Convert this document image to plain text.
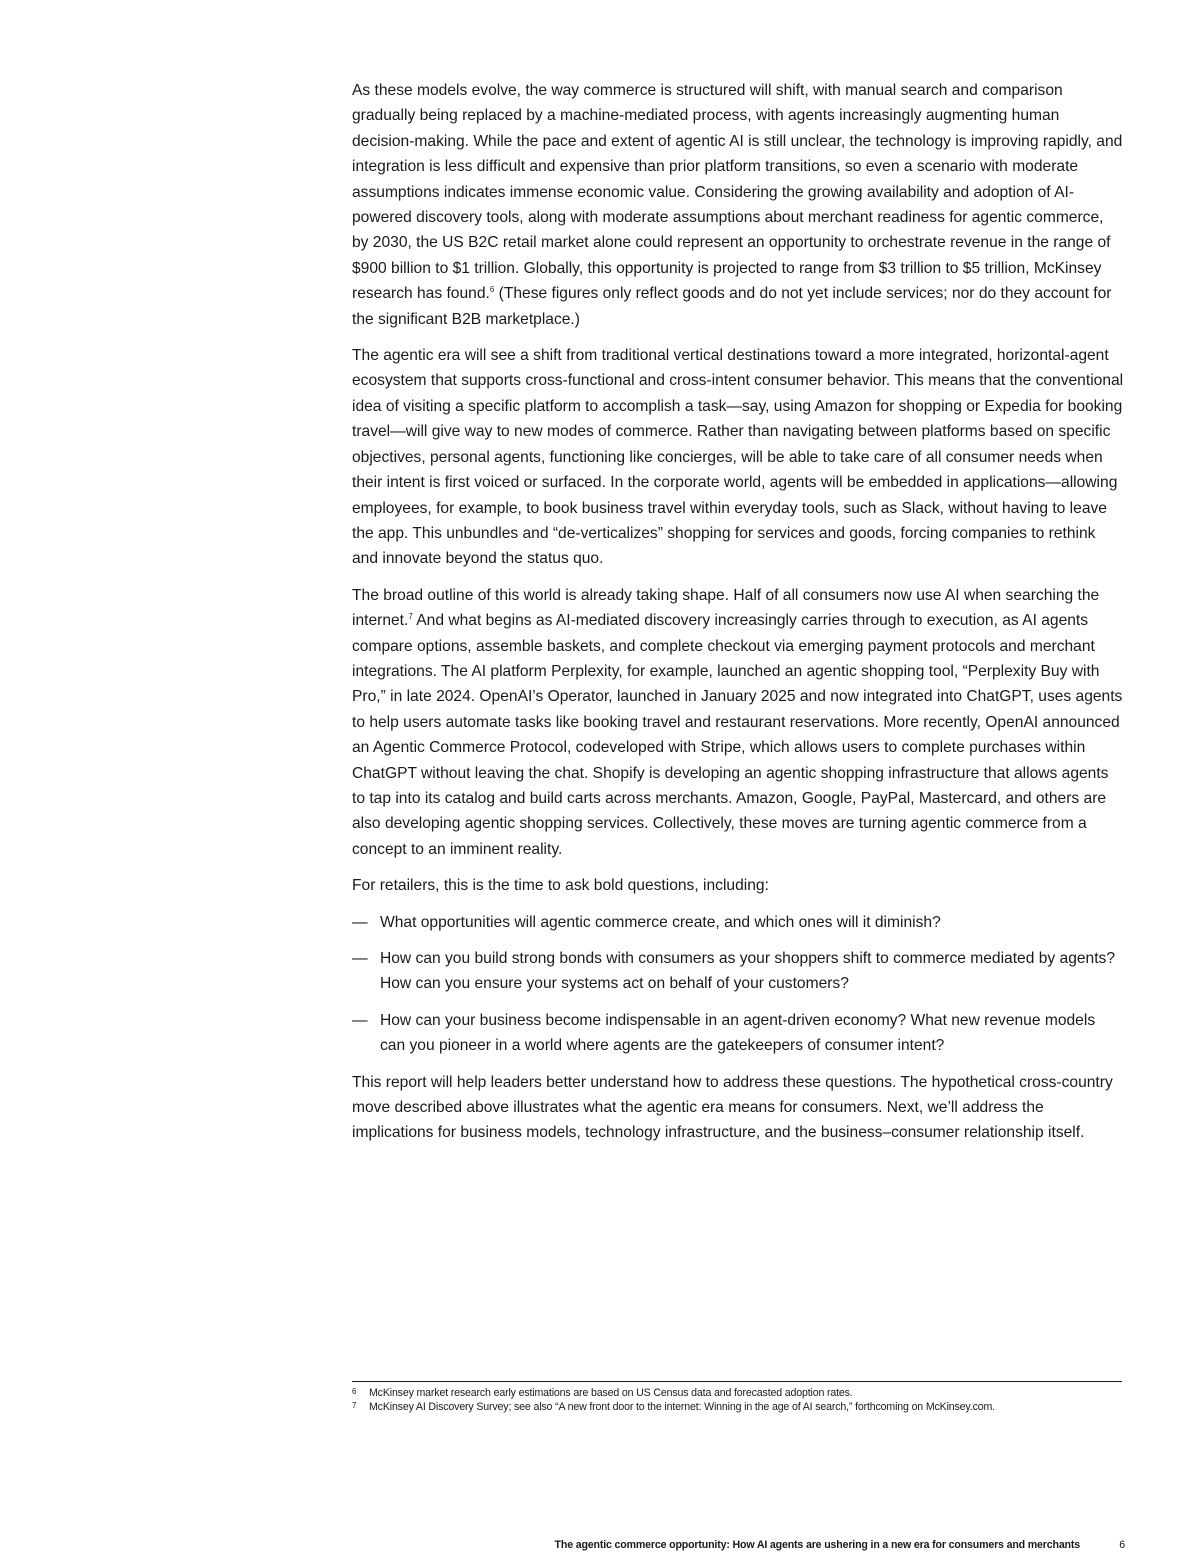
As these models evolve, the way commerce is structured will shift, with manual search and comparison gradually being replaced by a machine-mediated process, with agents increasingly augmenting human decision-making. While the pace and extent of agentic AI is still unclear, the technology is improving rapidly, and integration is less difficult and expensive than prior platform transitions, so even a scenario with moderate assumptions indicates immense economic value. Considering the growing availability and adoption of AI-powered discovery tools, along with moderate assumptions about merchant readiness for agentic commerce, by 2030, the US B2C retail market alone could represent an opportunity to orchestrate revenue in the range of $900 billion to $1 trillion. Globally, this opportunity is projected to range from $3 trillion to $5 trillion, McKinsey research has found.$^6$ (These figures only reflect goods and do not yet include services; nor do they account for the significant B2B marketplace.)

The agentic era will see a shift from traditional vertical destinations toward a more integrated, horizontal-agent ecosystem that supports cross-functional and cross-intent consumer behavior. This means that the conventional idea of visiting a specific platform to accomplish a task—say, using Amazon for shopping or Expedia for booking travel—will give way to new modes of commerce. Rather than navigating between platforms based on specific objectives, personal agents, functioning like concierges, will be able to take care of all consumer needs when their intent is first voiced or surfaced. In the corporate world, agents will be embedded in applications—allowing employees, for example, to book business travel within everyday tools, such as Slack, without having to leave the app. This unbundles and “de-verticalizes” shopping for services and goods, forcing companies to rethink and innovate beyond the status quo.

The broad outline of this world is already taking shape. Half of all consumers now use AI when searching the internet.$^7$ And what begins as AI-mediated discovery increasingly carries through to execution, as AI agents compare options, assemble baskets, and complete checkout via emerging payment protocols and merchant integrations. The AI platform Perplexity, for example, launched an agentic shopping tool, “Perplexity Buy with Pro,” in late 2024. OpenAI’s Operator, launched in January 2025 and now integrated into ChatGPT, uses agents to help users automate tasks like booking travel and restaurant reservations. More recently, OpenAI announced an Agentic Commerce Protocol, codeveloped with Stripe, which allows users to complete purchases within ChatGPT without leaving the chat. Shopify is developing an agentic shopping infrastructure that allows agents to tap into its catalog and build carts across merchants. Amazon, Google, PayPal, Mastercard, and others are also developing agentic shopping services. Collectively, these moves are turning agentic commerce from a concept to an imminent reality.

For retailers, this is the time to ask bold questions, including:

— What opportunities will agentic commerce create, and which ones will it diminish?
— How can you build strong bonds with consumers as your shoppers shift to commerce mediated by agents? How can you ensure your systems act on behalf of your customers?
— How can your business become indispensable in an agent-driven economy? What new revenue models can you pioneer in a world where agents are the gatekeepers of consumer intent?

This report will help leaders better understand how to address these questions. The hypothetical cross-country move described above illustrates what the agentic era means for consumers. Next, we’ll address the implications for business models, technology infrastructure, and the business–consumer relationship itself.

6 McKinsey market research early estimations are based on US Census data and forecasted adoption rates.
7 McKinsey AI Discovery Survey; see also “A new front door to the internet: Winning in the age of AI search,” forthcoming on McKinsey.com.
The agentic commerce opportunity: How AI agents are ushering in a new era for consumers and merchants	6
